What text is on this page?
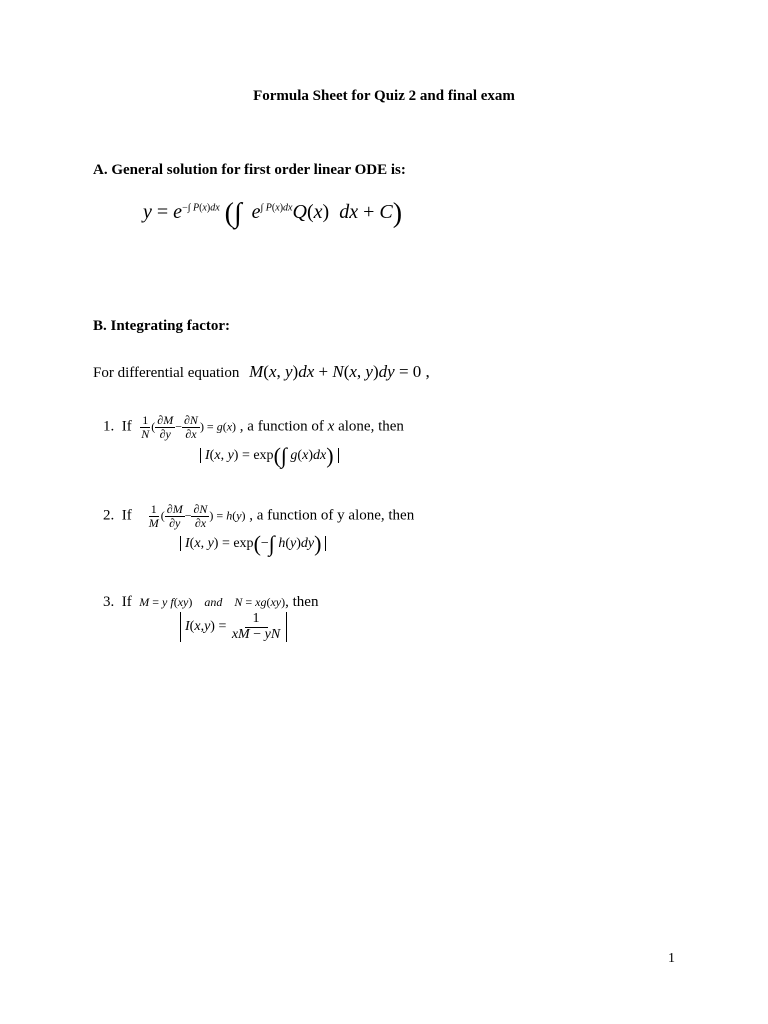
Formula Sheet for Quiz 2 and final exam
A. General solution for first order linear ODE is:
$y = e^{-\int P(x)dx}$ (∫ $e^{\int P(x)dx}Q(x)$  dx + C)
B. Integrating factor:
For differential equation M(x, y)dx + N(x, y)dy = 0 ,
1. If $\frac{1}{N}$ ( $\frac{\partial M}{\partial y} - \frac{\partial N}{\partial x}$ ) = g(x) , a function of x alone, then
I(x, y) = exp(∫ g(x)dx)
2. If $\frac{1}{M}$ ( $\frac{\partial M}{\partial y} - \frac{\partial N}{\partial x}$ ) = h(y) , a function of y alone, then
I(x, y) = exp(−∫ h(y)dy)
3. If M = y f(xy)    and N = xg(xy), then
I ( x , y ) = $\frac{1}{xM - yN}$
1
